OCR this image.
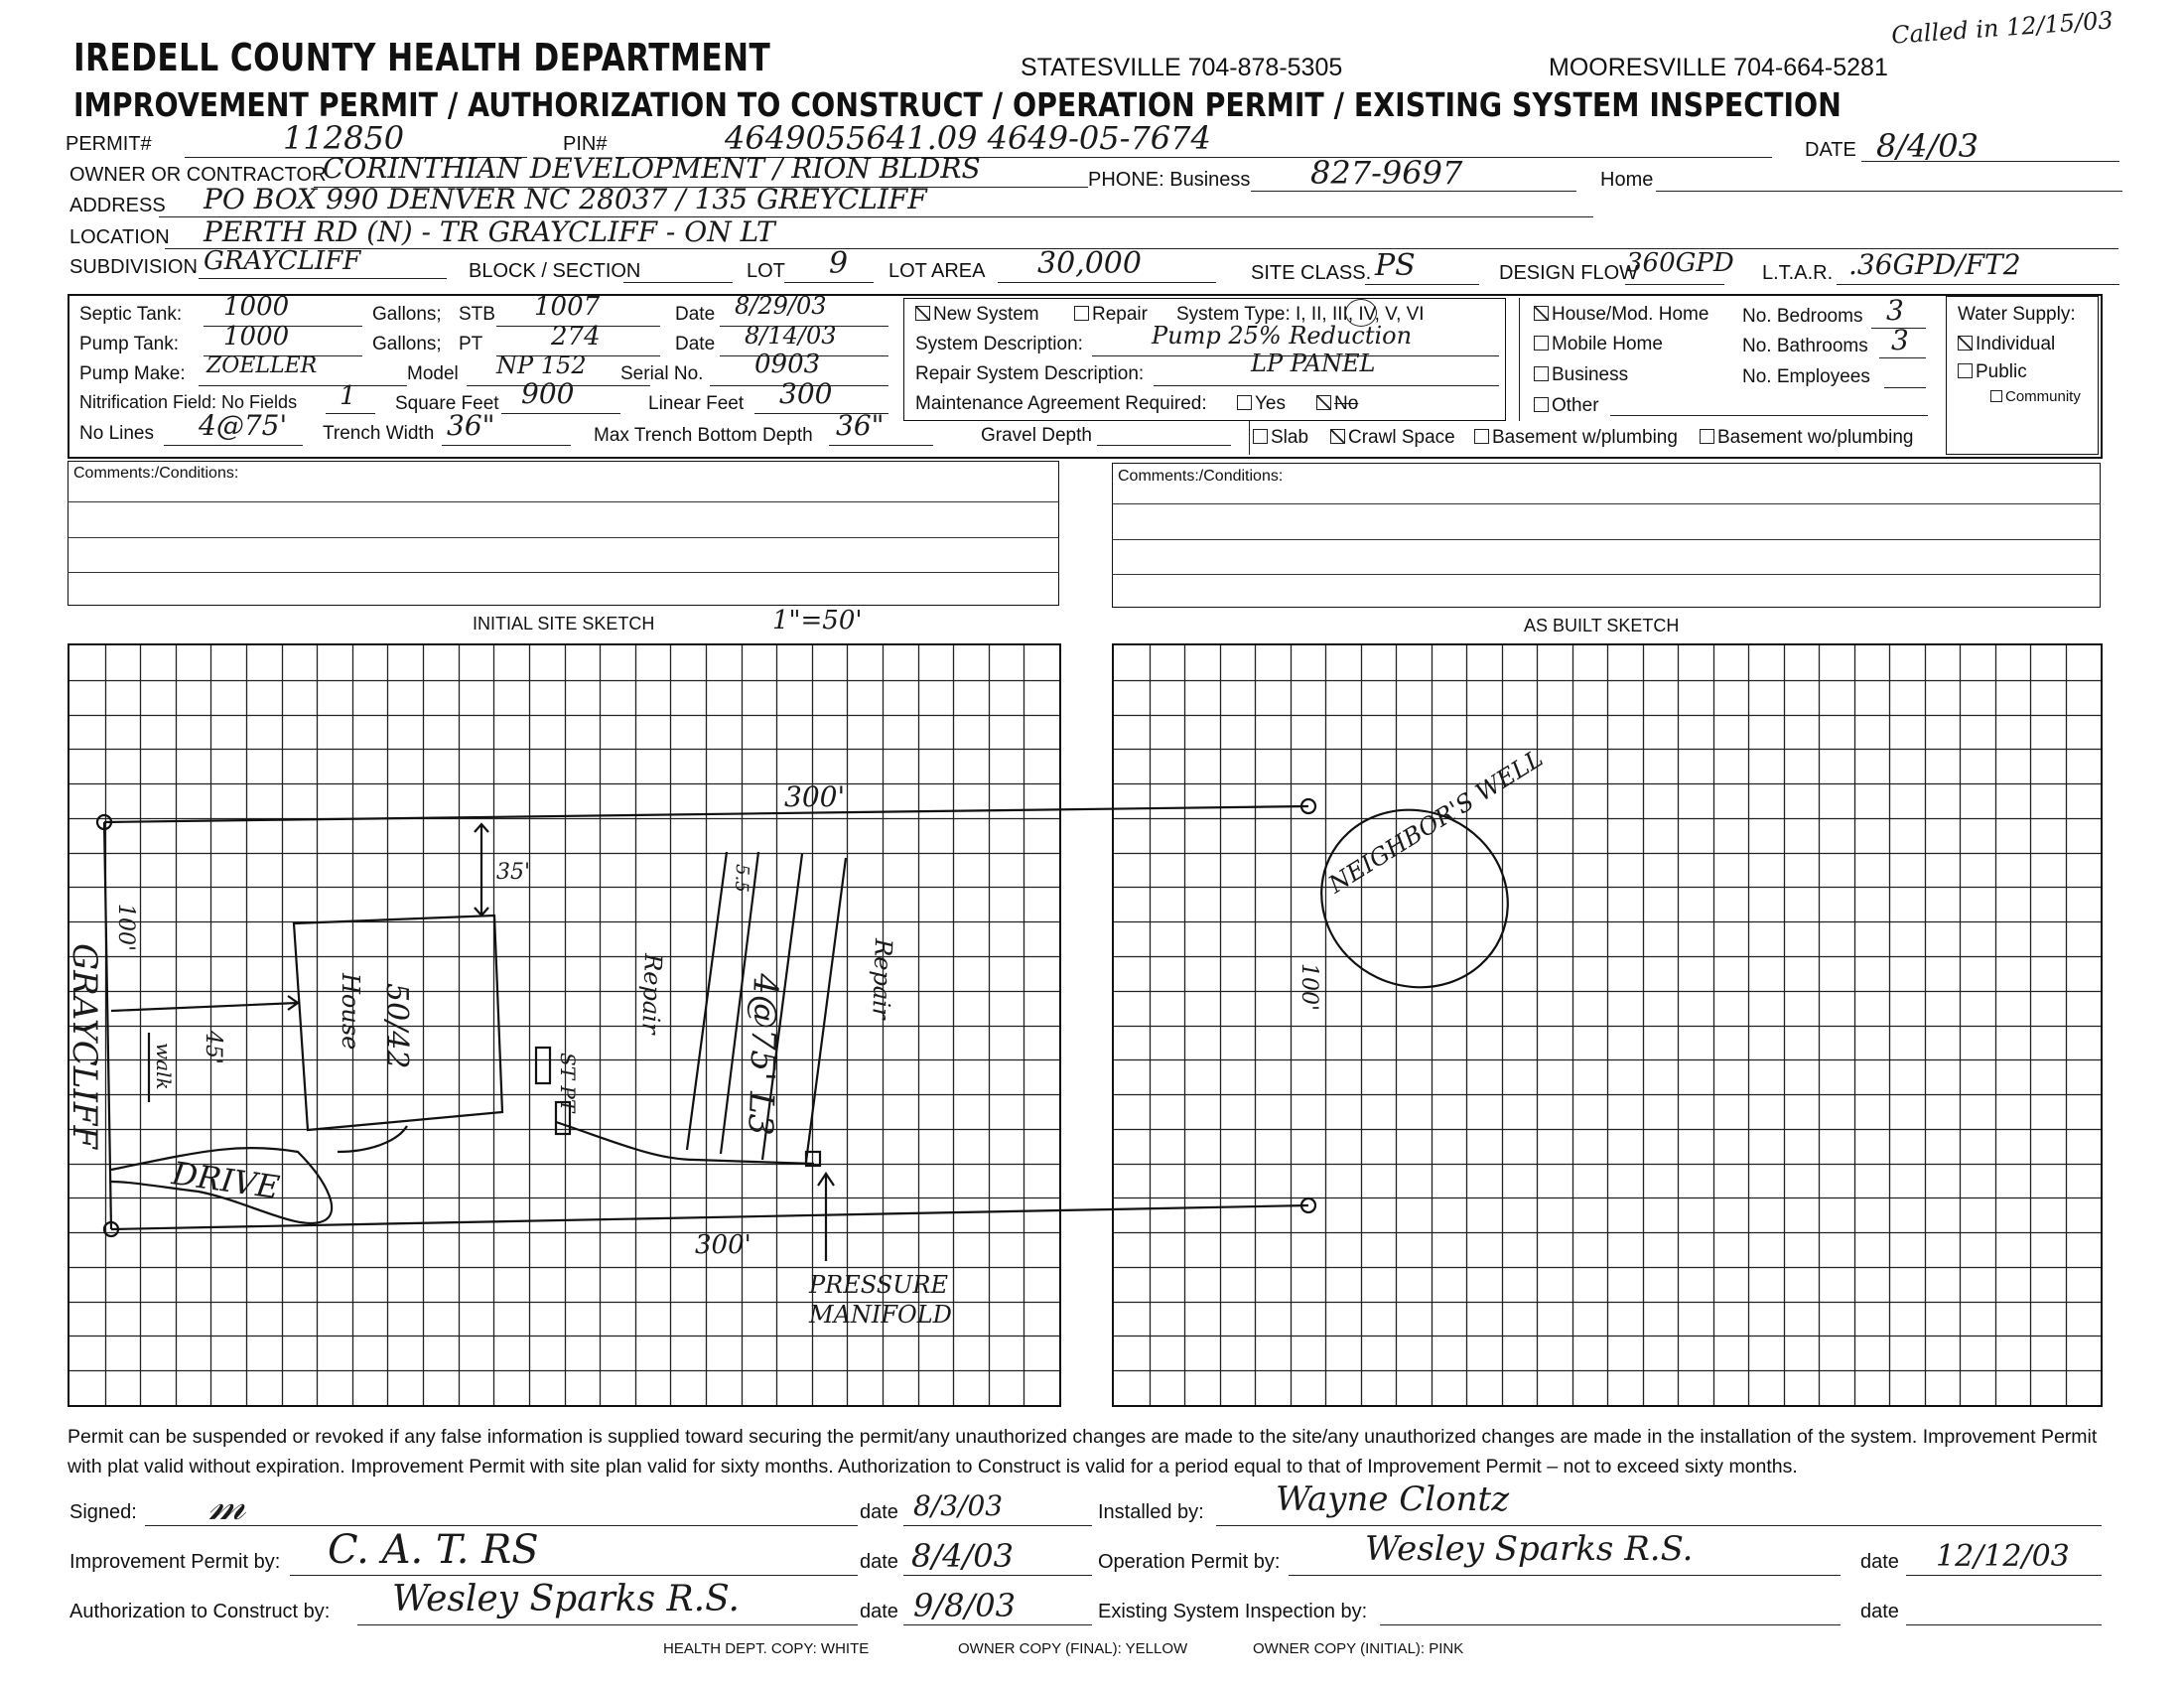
IREDELL COUNTY HEALTH DEPARTMENT	STATESVILLE 704-878-5305	MOORESVILLE 704-664-5281
Called in 12/15/03
IMPROVEMENT PERMIT / AUTHORIZATION TO CONSTRUCT / OPERATION PERMIT / EXISTING SYSTEM INSPECTION
PERMIT#	112850	PIN#	4649055641.09 4649-05-7674	DATE 8/4/03
OWNER OR CONTRACTOR
CORINTHIAN DEVELOPMENT / RION BLDRS	PHONE: Business 827-9697	Home
ADDRESS PO BOX 990 DENVER NC 28037 / 135 GREYCLIFF
LOCATION PERTH RD (N) - TR GRAYCLIFF - ON LT
SUBDIVISION GRAYCLIFF	BLOCK / SECTION	LOT 9 LOT AREA 30,000	SITE CLASS. PS	DESIGN FLOW
360GPD L.T.A.R. .36GPD/FT2
Septic Tank: 1000	Gallons; STB 1007	Date 8/29/03
Pump Tank: 1000	Gallons; PT	274	Date 8/14/03
Pump Make: ZOELLER	Model NP 152 Serial No. 0903
Nitrification Field: No Fields 1 Square Feet 900	Linear Feet 300
No Lines 4@75' Trench Width 36"	Max Trench Bottom Depth 36"	Gravel Depth
New System	Repair System Type: I, II, III, IV, V, VI
System Description:	Pump 25% Reduction
Repair System Description:	LP PANEL
Maintenance Agreement Required:	Yes	No
House/Mod. Home
Mobile Home
Business
Other
No. Bedrooms 3
No. Bathrooms 3
No. Employees
Slab	Crawl Space	Basement w/plumbing	Basement wo/plumbing
Water Supply:
Individual
Public
Community
Comments:/Conditions:	Comments:/Conditions:
INITIAL SITE SKETCH	1"=50'	AS BUILT SKETCH
300'
300'
100'
100'
35'
45'
GRAYCLIFF	House 50/42
DRIVE
walk	ST PT	4@75' L3
Repair	Repair
5.5	NEIGHBOR'S WELL
PRESSURE MANIFOLD
Permit can be suspended or revoked if any false information is supplied toward securing the permit/any unauthorized changes are made to the site/any unauthorized changes are made in the installation of the system. Improvement Permit with plat valid without expiration. Improvement Permit with site plan valid for sixty months. Authorization to Construct is valid for a period equal to that of Improvement Permit – not to exceed sixty months.
Signed: 𝓂	date 8/3/03	Installed by: Wayne Clontz
Improvement Permit by: C. A. T. RS	date 8/4/03	Operation Permit by:	Wesley Sparks R.S.	date 12/12/03
Authorization to Construct by: Wesley Sparks R.S.	date 9/8/03	Existing System Inspection by:	date
HEALTH DEPT. COPY: WHITE	OWNER COPY (FINAL): YELLOW	OWNER COPY (INITIAL): PINK
